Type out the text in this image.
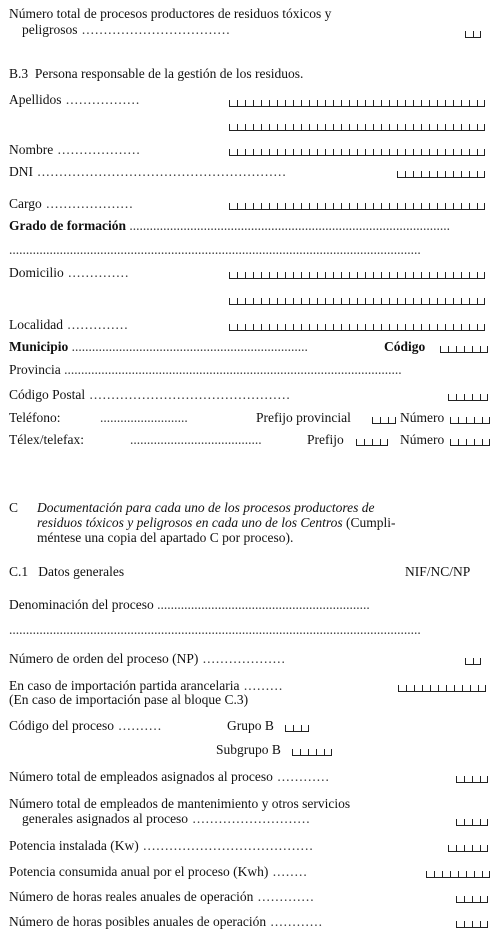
Número total de procesos productores de residuos tóxicos y
peligrosos ..................................
B.3 Persona responsable de la gestión de los residuos.
Apellidos .................
Nombre ...................
DNI .........................................................
Cargo ....................
Grado de formación ...............................................................................................
..........................................................................................................................
Domicilio ..............
Localidad ..............
Municipio ......................................................................	Código
Provincia ....................................................................................................
Código Postal ..............................................
Teléfono:	..........................	Prefijo provincial	Número
Télex/telefax:	.......................................	Prefijo	Número
C Documentación para cada uno de los procesos productores de
residuos tóxicos y peligrosos en cada uno de los Centros (Cumpli-
méntese una copia del apartado C por proceso).
C.1 Datos generales	NIF/NC/NP
Denominación del proceso ...............................................................
..........................................................................................................................
Número de orden del proceso (NP) ...................
En caso de importación partida arancelaria .........
(En caso de importación pase al bloque C.3)
Código del proceso ..........	Grupo B
Subgrupo B
Número total de empleados asignados al proceso ............
Número total de empleados de mantenimiento y otros servicios
generales asignados al proceso ...........................
Potencia instalada (Kw) .......................................
Potencia consumida anual por el proceso (Kwh) ........
Número de horas reales anuales de operación .............
Número de horas posibles anuales de operación ............
